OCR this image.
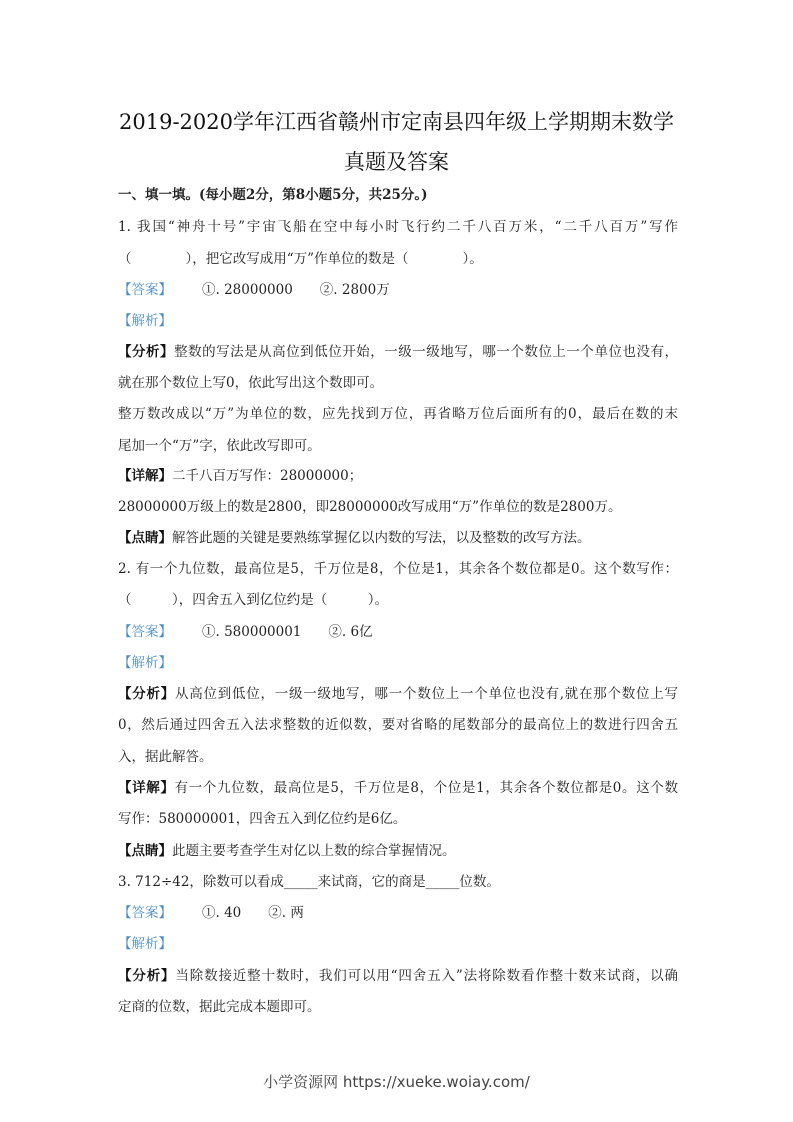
2019-2020学年江西省赣州市定南县四年级上学期期末数学
真题及答案
一、填一填。(每小题2分，第8小题5分，共25分。)
1. 我国“神舟十号”宇宙飞船在空中每小时飞行约二千八百万米，“二千八百万”写作
（　　　　），把它改写成用“万”作单位的数是（　　　　）。
【答案】 ①. 28000000　　②. 2800万
【解析】
【分析】整数的写法是从高位到低位开始，一级一级地写，哪一个数位上一个单位也没有，
就在那个数位上写0，依此写出这个数即可。
整万数改成以“万”为单位的数，应先找到万位，再省略万位后面所有的0，最后在数的末
尾加一个“万”字，依此改写即可。
【详解】二千八百万写作：28000000；
28000000万级上的数是2800，即28000000改写成用“万”作单位的数是2800万。
【点睛】解答此题的关键是要熟练掌握亿以内数的写法，以及整数的改写方法。
2. 有一个九位数，最高位是5，千万位是8，个位是1，其余各个数位都是0。这个数写作：
（　　　），四舍五入到亿位约是（　　　）。
【答案】 ①. 580000001　　②. 6亿
【解析】
【分析】从高位到低位，一级一级地写，哪一个数位上一个单位也没有,就在那个数位上写
0，然后通过四舍五入法求整数的近似数，要对省略的尾数部分的最高位上的数进行四舍五
入，据此解答。
【详解】有一个九位数，最高位是5，千万位是8，个位是1，其余各个数位都是0。这个数
写作：580000001，四舍五入到亿位约是6亿。
【点睛】此题主要考查学生对亿以上数的综合掌握情况。
3. 712÷42，除数可以看成_____来试商，它的商是_____位数。
【答案】 ①. 40　　②. 两
【解析】
【分析】当除数接近整十数时，我们可以用“四舍五入”法将除数看作整十数来试商，以确
定商的位数，据此完成本题即可。
小学资源网 https://xueke.woiay.com/
